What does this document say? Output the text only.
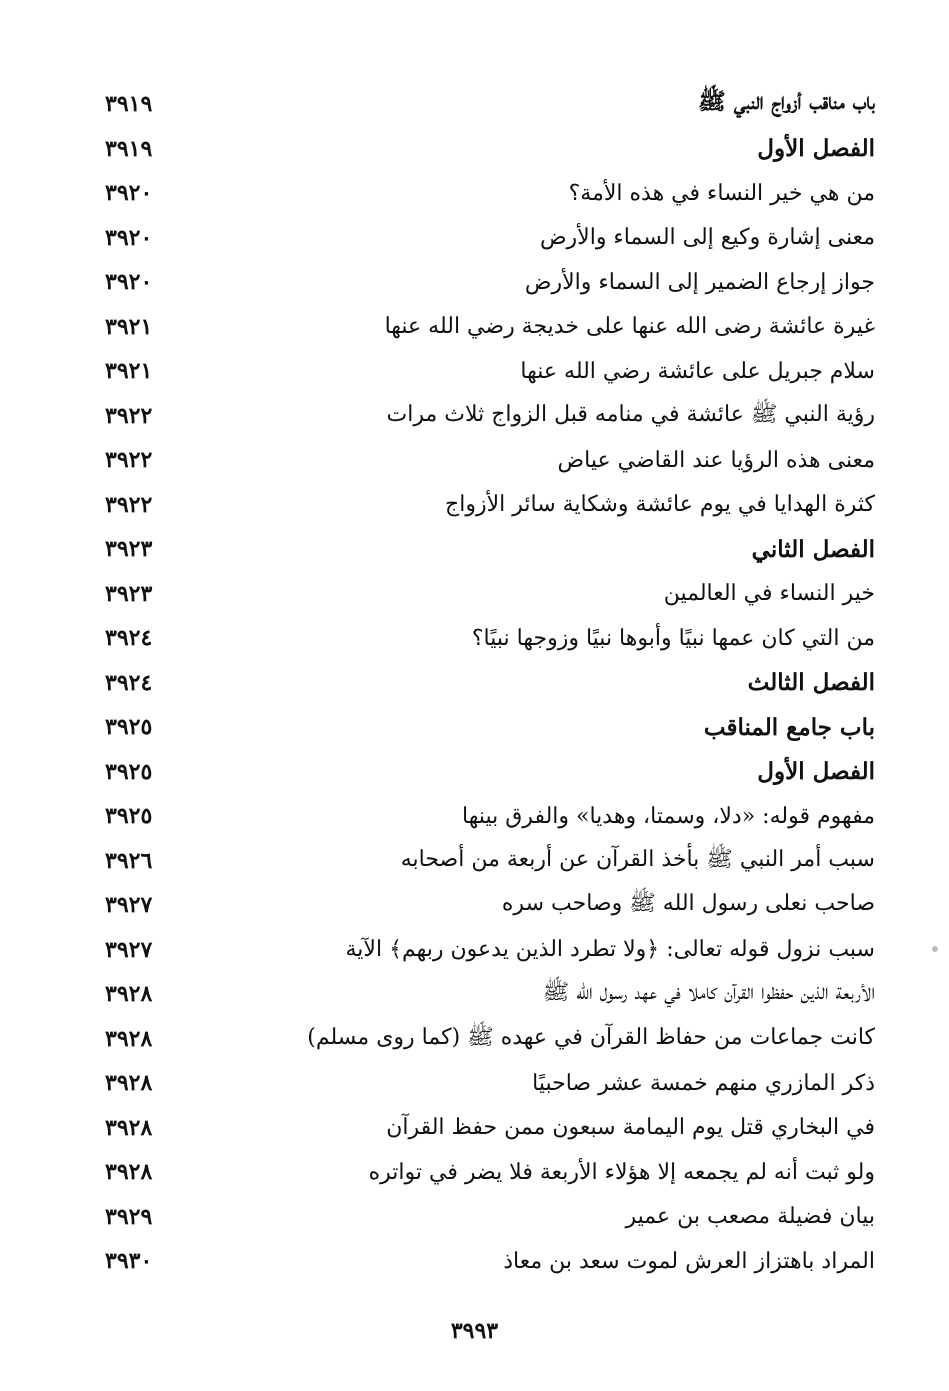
باب مناقب أزواج النبي ﷺ
٣٩١٩
الفصل الأول
٣٩١٩
من هي خير النساء في هذه الأمة؟
٣٩٢٠
معنى إشارة وكيع إلى السماء والأرض
٣٩٢٠
جواز إرجاع الضمير إلى السماء والأرض
٣٩٢٠
غيرة عائشة رضى الله عنها على خديجة رضي الله عنها
٣٩٢١
سلام جبريل على عائشة رضي الله عنها
٣٩٢١
رؤية النبي ﷺ عائشة في منامه قبل الزواج ثلاث مرات
٣٩٢٢
معنى هذه الرؤيا عند القاضي عياض
٣٩٢٢
كثرة الهدايا في يوم عائشة وشكاية سائر الأزواج
٣٩٢٢
الفصل الثاني
٣٩٢٣
خير النساء في العالمين
٣٩٢٣
من التي كان عمها نبيًا وأبوها نبيًا وزوجها نبيًا؟
٣٩٢٤
الفصل الثالث
٣٩٢٤
باب جامع المناقب
٣٩٢٥
الفصل الأول
٣٩٢٥
مفهوم قوله: «دلا، وسمتا، وهديا» والفرق بينها
٣٩٢٥
سبب أمر النبي ﷺ بأخذ القرآن عن أربعة من أصحابه
٣٩٢٦
صاحب نعلى رسول الله ﷺ وصاحب سره
٣٩٢٧
سبب نزول قوله تعالى: ﴿ولا تطرد الذين يدعون ربهم﴾ الآية
٣٩٢٧
الأربعة الذين حفظوا القرآن كاملا في عهد رسول الله ﷺ
٣٩٢٨
كانت جماعات من حفاظ القرآن في عهده ﷺ (كما روى مسلم)
٣٩٢٨
ذكر المازري منهم خمسة عشر صاحبيًا
٣٩٢٨
في البخاري قتل يوم اليمامة سبعون ممن حفظ القرآن
٣٩٢٨
ولو ثبت أنه لم يجمعه إلا هؤلاء الأربعة فلا يضر في تواتره
٣٩٢٨
بيان فضيلة مصعب بن عمير
٣٩٢٩
المراد باهتزاز العرش لموت سعد بن معاذ
٣٩٣٠
٣٩٩٣
